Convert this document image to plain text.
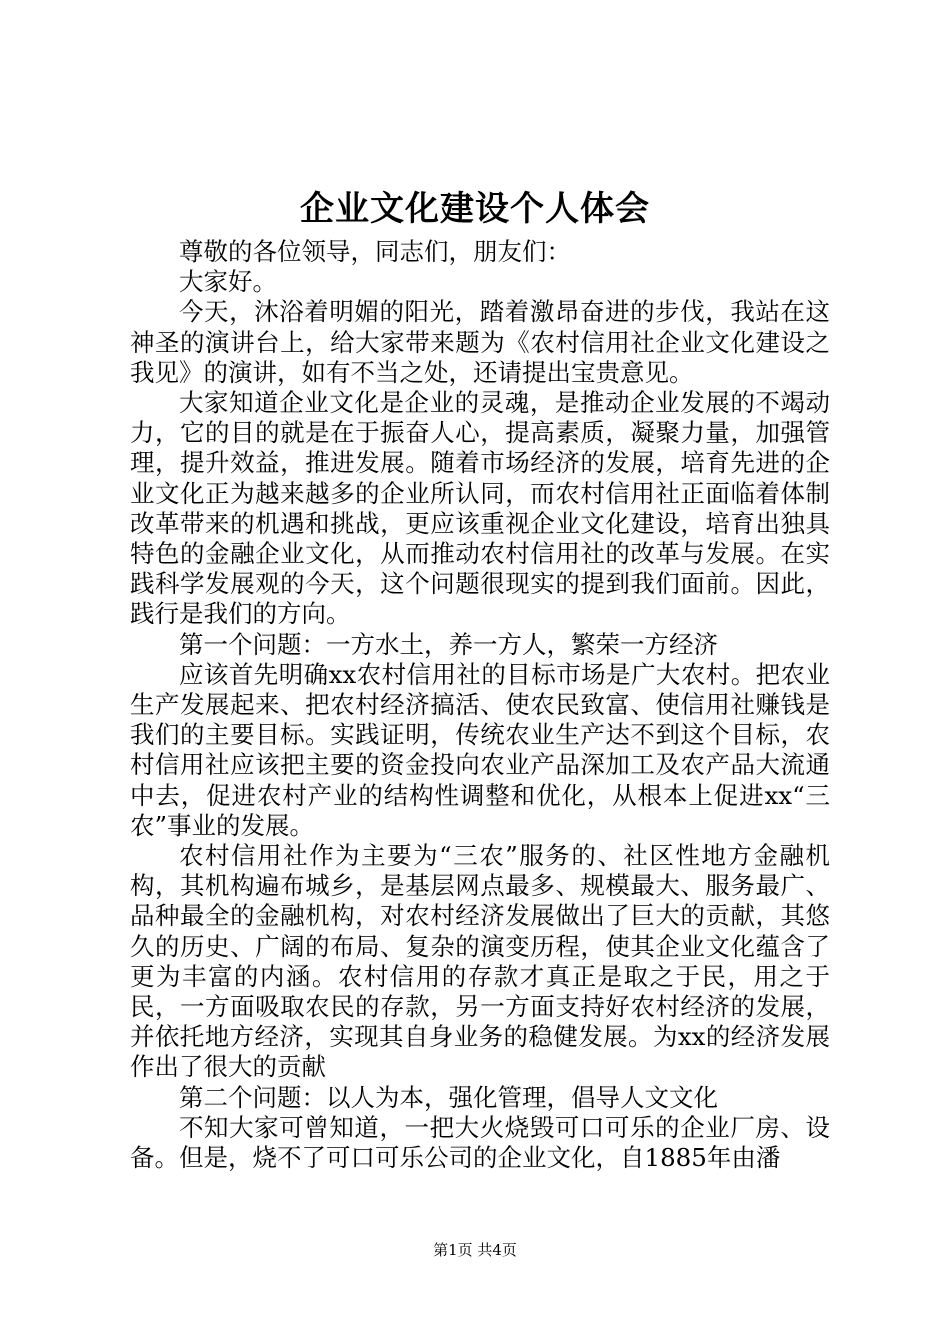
企业文化建设个人体会

尊敬的各位领导，同志们，朋友们：

大家好。

今天，沐浴着明媚的阳光，踏着激昂奋进的步伐，我站在这神圣的演讲台上，给大家带来题为《农村信用社企业文化建设之我见》的演讲，如有不当之处，还请提出宝贵意见。

大家知道企业文化是企业的灵魂，是推动企业发展的不竭动力，它的目的就是在于振奋人心，提高素质，凝聚力量，加强管理，提升效益，推进发展。随着市场经济的发展，培育先进的企业文化正为越来越多的企业所认同，而农村信用社正面临着体制改革带来的机遇和挑战，更应该重视企业文化建设，培育出独具特色的金融企业文化，从而推动农村信用社的改革与发展。在实践科学发展观的今天，这个问题很现实的提到我们面前。因此，践行是我们的方向。

第一个问题：一方水土，养一方人，繁荣一方经济

应该首先明确xx农村信用社的目标市场是广大农村。把农业生产发展起来、把农村经济搞活、使农民致富、使信用社赚钱是我们的主要目标。实践证明，传统农业生产达不到这个目标，农村信用社应该把主要的资金投向农业产品深加工及农产品大流通中去，促进农村产业的结构性调整和优化，从根本上促进xx“三农”事业的发展。

农村信用社作为主要为“三农”服务的、社区性地方金融机构，其机构遍布城乡，是基层网点最多、规模最大、服务最广、品种最全的金融机构，对农村经济发展做出了巨大的贡献，其悠久的历史、广阔的布局、复杂的演变历程，使其企业文化蕴含了更为丰富的内涵。农村信用的存款才真正是取之于民，用之于民，一方面吸取农民的存款，另一方面支持好农村经济的发展，并依托地方经济，实现其自身业务的稳健发展。为xx的经济发展作出了很大的贡献

第二个问题：以人为本，强化管理，倡导人文文化

不知大家可曾知道，一把大火烧毁可口可乐的企业厂房、设备。但是，烧不了可口可乐公司的企业文化，自1885年由潘

第1页 共4页
